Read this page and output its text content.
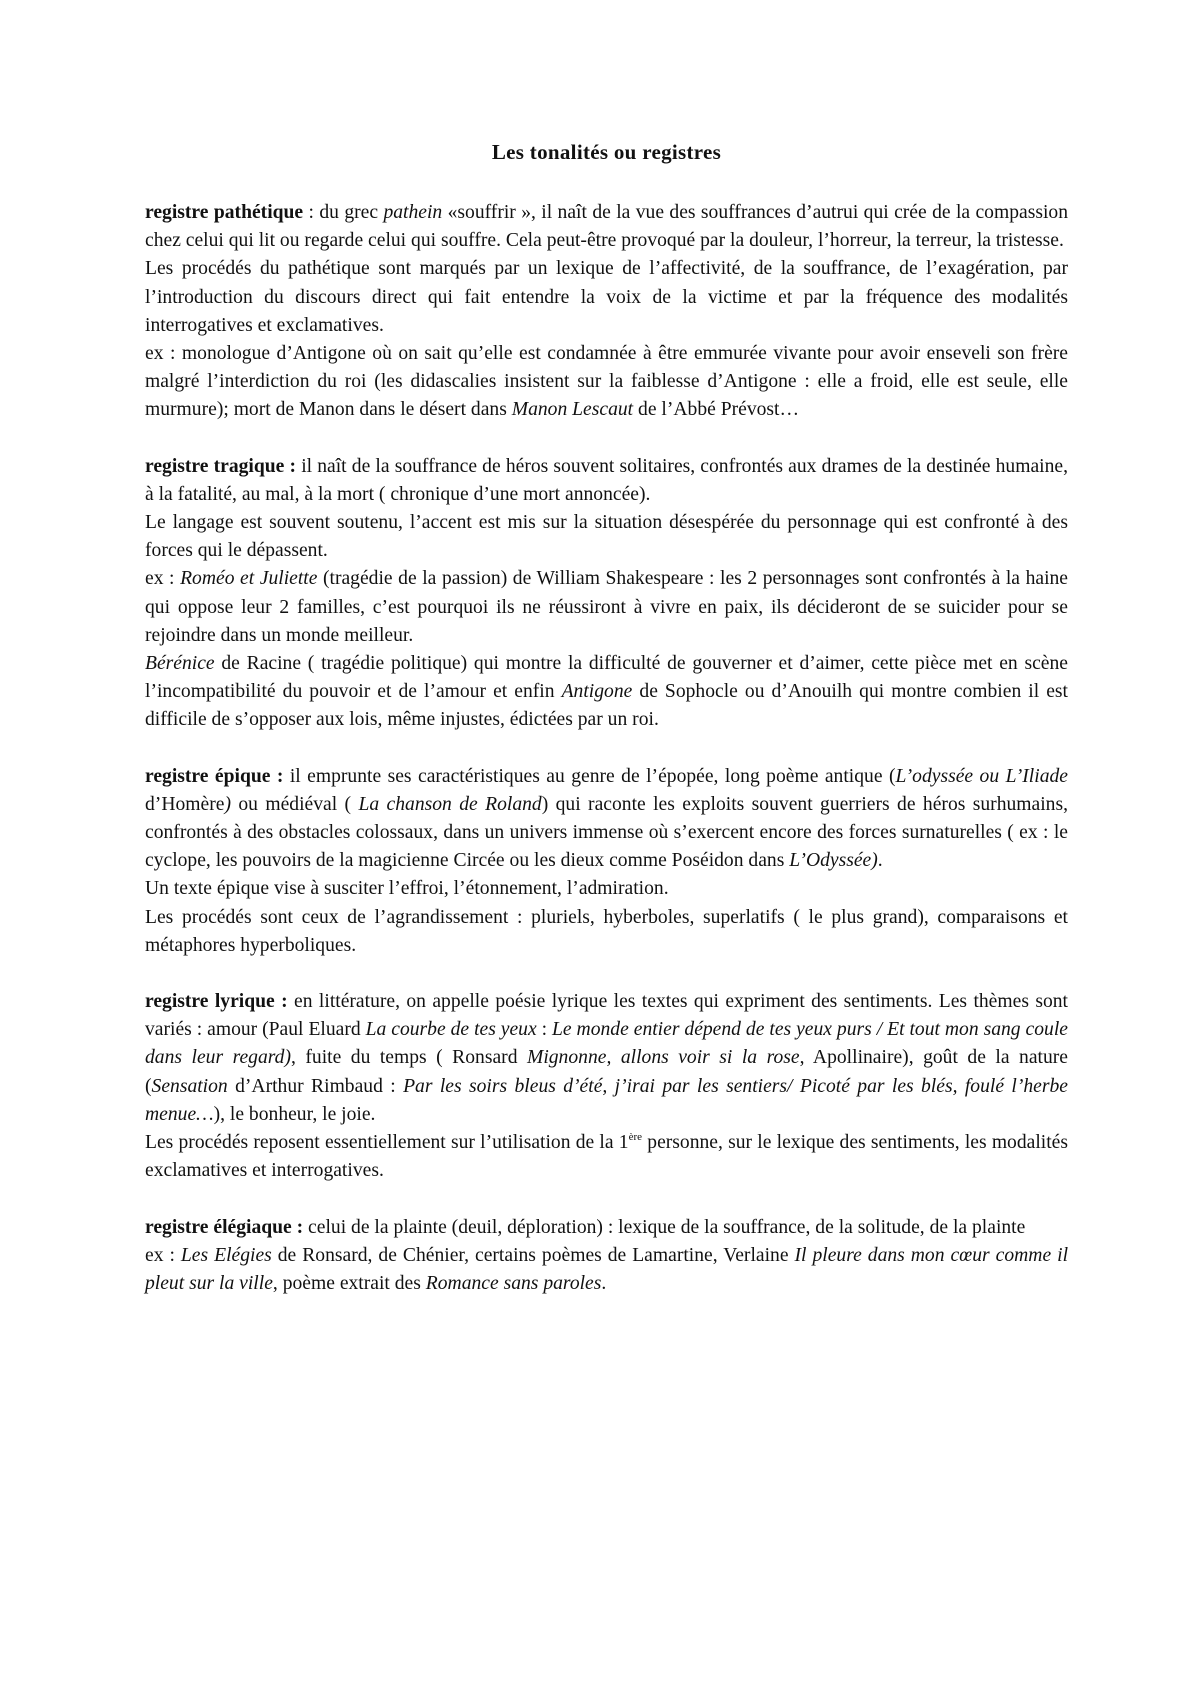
Les tonalités ou registres

registre pathétique : du grec pathein «souffrir », il naît de la vue des souffrances d’autrui qui crée de la compassion chez celui qui lit ou regarde celui qui souffre. Cela peut-être provoqué par la douleur, l’horreur, la terreur, la tristesse.

Les procédés du pathétique sont marqués par un lexique de l’affectivité, de la souffrance, de l’exagération, par l’introduction du discours direct qui fait entendre la voix de la victime et par la fréquence des modalités interrogatives et exclamatives.

ex : monologue d’Antigone où on sait qu’elle est condamnée à être emmurée vivante pour avoir enseveli son frère malgré l’interdiction du roi (les didascalies insistent sur la faiblesse d’Antigone : elle a froid, elle est seule, elle murmure); mort de Manon dans le désert dans Manon Lescaut de l’Abbé Prévost…

registre tragique : il naît de la souffrance de héros souvent solitaires, confrontés aux drames de la destinée humaine, à la fatalité, au mal, à la mort ( chronique d’une mort annoncée).

Le langage est souvent soutenu, l’accent est mis sur la situation désespérée du personnage qui est confronté à des forces qui le dépassent.

ex : Roméo et Juliette (tragédie de la passion) de William Shakespeare : les 2 personnages sont confrontés à la haine qui oppose leur 2 familles, c’est pourquoi ils ne réussiront à vivre en paix, ils décideront de se suicider pour se rejoindre dans un monde meilleur.

Bérénice de Racine ( tragédie politique) qui montre la difficulté de gouverner et d’aimer, cette pièce met en scène l’incompatibilité du pouvoir et de l’amour et enfin Antigone de Sophocle ou d’Anouilh qui montre combien il est difficile de s’opposer aux lois, même injustes, édictées par un roi.

registre épique : il emprunte ses caractéristiques au genre de l’épopée, long poème antique (L’odyssée ou L’Iliade d’Homère) ou médiéval ( La chanson de Roland) qui raconte les exploits souvent guerriers de héros surhumains, confrontés à des obstacles colossaux, dans un univers immense où s’exercent encore des forces surnaturelles ( ex : le cyclope, les pouvoirs de la magicienne Circée ou les dieux comme Poséidon dans L’Odyssée).

Un texte épique vise à susciter l’effroi, l’étonnement, l’admiration.

Les procédés sont ceux de l’agrandissement : pluriels, hyberboles, superlatifs ( le plus grand), comparaisons et métaphores hyperboliques.

registre lyrique : en littérature, on appelle poésie lyrique les textes qui expriment des sentiments. Les thèmes sont variés : amour (Paul Eluard La courbe de tes yeux : Le monde entier dépend de tes yeux purs / Et tout mon sang coule dans leur regard), fuite du temps ( Ronsard Mignonne, allons voir si la rose, Apollinaire), goût de la nature (Sensation d’Arthur Rimbaud : Par les soirs bleus d’été, j’irai par les sentiers/ Picoté par les blés, foulé l’herbe menue…), le bonheur, le joie.

Les procédés reposent essentiellement sur l’utilisation de la 1ère personne, sur le lexique des sentiments, les modalités exclamatives et interrogatives.

registre élégiaque : celui de la plainte (deuil, déploration) : lexique de la souffrance, de la solitude, de la plainte

ex : Les Elégies de Ronsard, de Chénier, certains poèmes de Lamartine, Verlaine Il pleure dans mon cœur comme il pleut sur la ville, poème extrait des Romance sans paroles.
